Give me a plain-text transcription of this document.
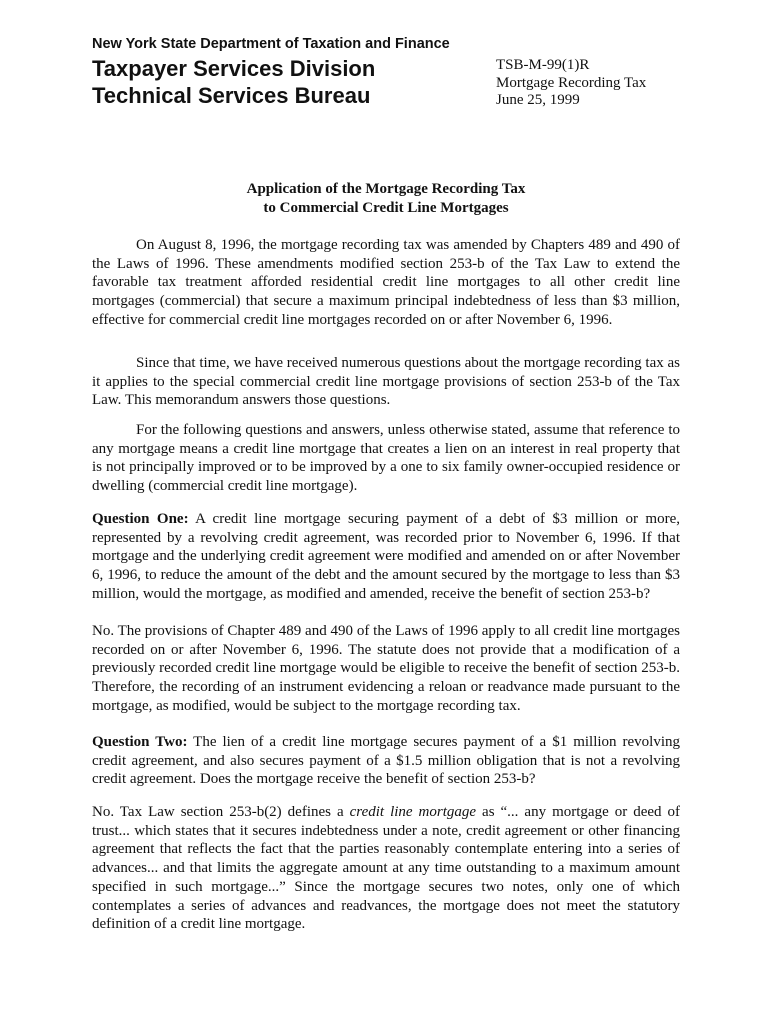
New York State Department of Taxation and Finance
Taxpayer Services Division
Technical Services Bureau
TSB-M-99(1)R
Mortgage Recording Tax
June 25, 1999
Application of the Mortgage Recording Tax
to Commercial Credit Line Mortgages

On August 8, 1996, the mortgage recording tax was amended by Chapters 489 and 490 of the Laws of 1996. These amendments modified section 253-b of the Tax Law to extend the favorable tax treatment afforded residential credit line mortgages to all other credit line mortgages (commercial) that secure a maximum principal indebtedness of less than $3 million, effective for commercial credit line mortgages recorded on or after November 6, 1996.

Since that time, we have received numerous questions about the mortgage recording tax as it applies to the special commercial credit line mortgage provisions of section 253-b of the Tax Law. This memorandum answers those questions.

For the following questions and answers, unless otherwise stated, assume that reference to any mortgage means a credit line mortgage that creates a lien on an interest in real property that is not principally improved or to be improved by a one to six family owner-occupied residence or dwelling (commercial credit line mortgage).

Question One: A credit line mortgage securing payment of a debt of $3 million or more, represented by a revolving credit agreement, was recorded prior to November 6, 1996. If that mortgage and the underlying credit agreement were modified and amended on or after November 6, 1996, to reduce the amount of the debt and the amount secured by the mortgage to less than $3 million, would the mortgage, as modified and amended, receive the benefit of section 253-b?

No. The provisions of Chapter 489 and 490 of the Laws of 1996 apply to all credit line mortgages recorded on or after November 6, 1996. The statute does not provide that a modification of a previously recorded credit line mortgage would be eligible to receive the benefit of section 253-b. Therefore, the recording of an instrument evidencing a reloan or readvance made pursuant to the mortgage, as modified, would be subject to the mortgage recording tax.

Question Two: The lien of a credit line mortgage secures payment of a $1 million revolving credit agreement, and also secures payment of a $1.5 million obligation that is not a revolving credit agreement. Does the mortgage receive the benefit of section 253-b?

No. Tax Law section 253-b(2) defines a credit line mortgage as “... any mortgage or deed of trust... which states that it secures indebtedness under a note, credit agreement or other financing agreement that reflects the fact that the parties reasonably contemplate entering into a series of advances... and that limits the aggregate amount at any time outstanding to a maximum amount specified in such mortgage...” Since the mortgage secures two notes, only one of which contemplates a series of advances and readvances, the mortgage does not meet the statutory definition of a credit line mortgage.
